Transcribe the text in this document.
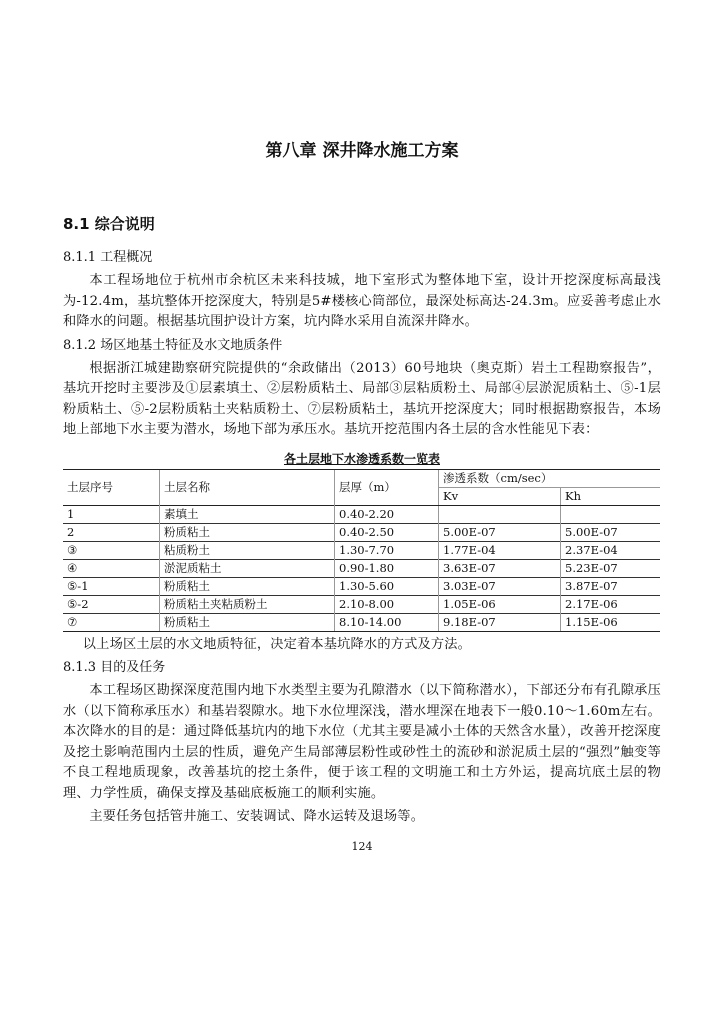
第八章 深井降水施工方案
8.1 综合说明
8.1.1 工程概况
本工程场地位于杭州市余杭区未来科技城，地下室形式为整体地下室，设计开挖深度标高最浅为-12.4m，基坑整体开挖深度大，特别是5#楼核心筒部位，最深处标高达-24.3m。应妥善考虑止水和降水的问题。根据基坑围护设计方案，坑内降水采用自流深井降水。
8.1.2 场区地基土特征及水文地质条件
根据浙江城建勘察研究院提供的“余政储出（2013）60号地块（奥克斯）岩土工程勘察报告”，基坑开挖时主要涉及①层素填土、②层粉质粘土、局部③层粘质粉土、局部④层淤泥质粘土、⑤-1层粉质粘土、⑤-2层粉质粘土夹粘质粉土、⑦层粉质粘土，基坑开挖深度大；同时根据勘察报告，本场地上部地下水主要为潜水，场地下部为承压水。基坑开挖范围内各土层的含水性能见下表：
各土层地下水渗透系数一览表
土层序号	土层名称	层厚（m）	渗透系数（cm/sec）	
			Kv	Kh
1	素填土	0.40-2.20		
2	粉质粘土	0.40-2.50	5.00E-07	5.00E-07
③	粘质粉土	1.30-7.70	1.77E-04	2.37E-04
④	淤泥质粘土	0.90-1.80	3.63E-07	5.23E-07
⑤-1	粉质粘土	1.30-5.60	3.03E-07	3.87E-07
⑤-2	粉质粘土夹粘质粉土	2.10-8.00	1.05E-06	2.17E-06
⑦	粉质粘土	8.10-14.00	9.18E-07	1.15E-06
以上场区土层的水文地质特征，决定着本基坑降水的方式及方法。
8.1.3 目的及任务
本工程场区勘探深度范围内地下水类型主要为孔隙潜水（以下简称潜水），下部还分布有孔隙承压水（以下简称承压水）和基岩裂隙水。地下水位埋深浅，潜水埋深在地表下一般0.10～1.60m左右。本次降水的目的是：通过降低基坑内的地下水位（尤其主要是减小土体的天然含水量），改善开挖深度及挖土影响范围内土层的性质，避免产生局部薄层粉性或砂性土的流砂和淤泥质土层的“强烈”触变等不良工程地质现象，改善基坑的挖土条件，便于该工程的文明施工和土方外运，提高坑底土层的物理、力学性质，确保支撑及基础底板施工的顺利实施。
主要任务包括管井施工、安装调试、降水运转及退场等。
124
